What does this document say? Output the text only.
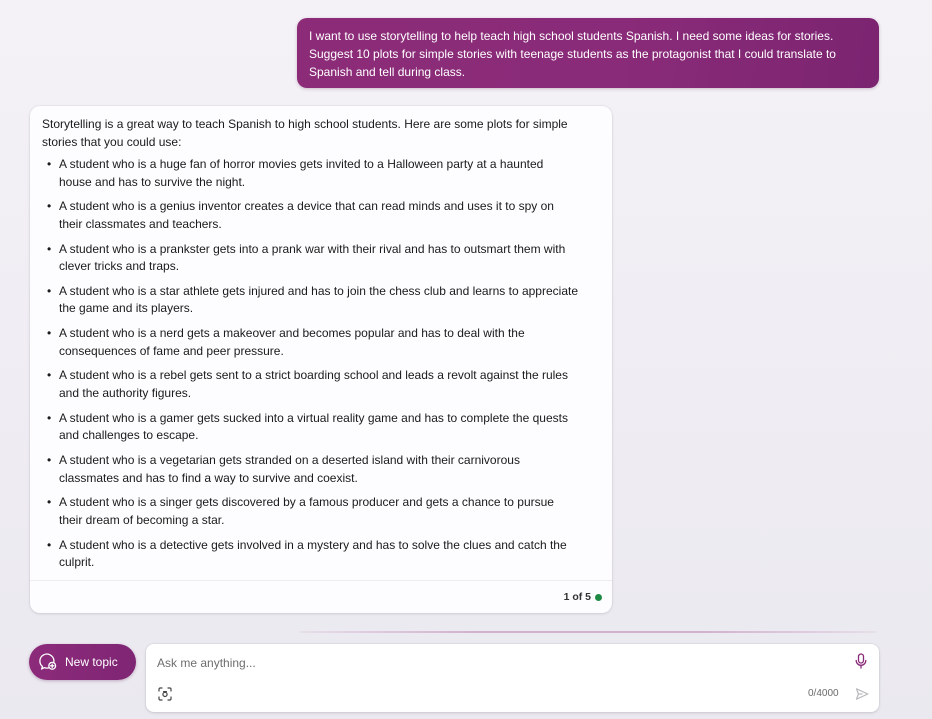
I want to use storytelling to help teach high school students Spanish. I need some ideas for stories. Suggest 10 plots for simple stories with teenage students as the protagonist that I could translate to Spanish and tell during class.

Storytelling is a great way to teach Spanish to high school students. Here are some plots for simple stories that you could use:

• A student who is a huge fan of horror movies gets invited to a Halloween party at a haunted house and has to survive the night.
• A student who is a genius inventor creates a device that can read minds and uses it to spy on their classmates and teachers.
• A student who is a prankster gets into a prank war with their rival and has to outsmart them with clever tricks and traps.
• A student who is a star athlete gets injured and has to join the chess club and learns to appreciate the game and its players.
• A student who is a nerd gets a makeover and becomes popular and has to deal with the consequences of fame and peer pressure.
• A student who is a rebel gets sent to a strict boarding school and leads a revolt against the rules and the authority figures.
• A student who is a gamer gets sucked into a virtual reality game and has to complete the quests and challenges to escape.
• A student who is a vegetarian gets stranded on a deserted island with their carnivorous classmates and has to find a way to survive and coexist.
• A student who is a singer gets discovered by a famous producer and gets a chance to pursue their dream of becoming a star.
• A student who is a detective gets involved in a mystery and has to solve the clues and catch the culprit.
1 of 5
New topic
Ask me anything...
0/4000
